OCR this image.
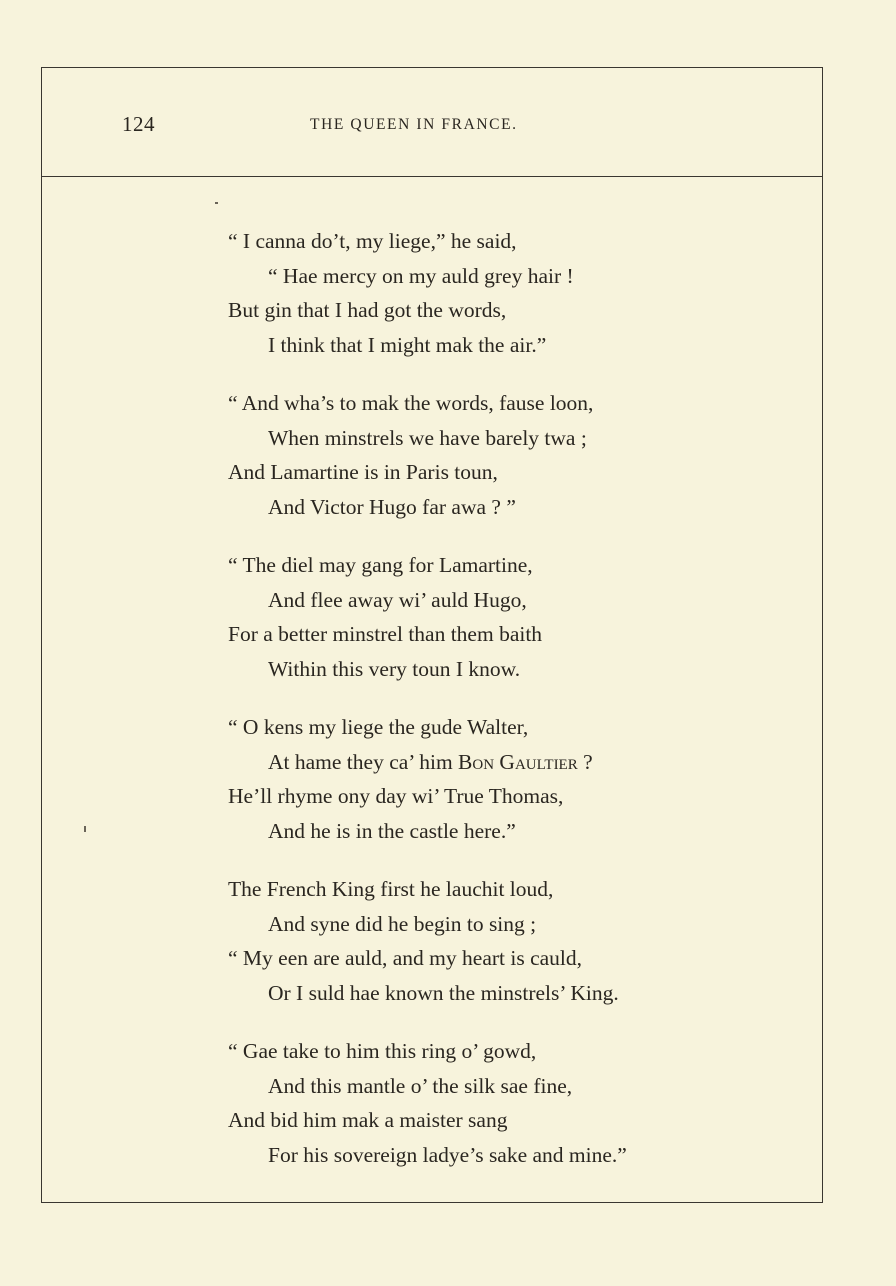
124	THE QUEEN IN FRANCE.
“ I canna do’t, my liege,” he said,
“ Hae mercy on my auld grey hair !
But gin that I had got the words,
I think that I might mak the air.”
“ And wha’s to mak the words, fause loon,
When minstrels we have barely twa ;
And Lamartine is in Paris toun,
And Victor Hugo far awa ? ”
“ The diel may gang for Lamartine,
And flee away wi’ auld Hugo,
For a better minstrel than them baith
Within this very toun I know.
“ O kens my liege the gude Walter,
At hame they ca’ him Bon Gaultier ?
He’ll rhyme ony day wi’ True Thomas,
And he is in the castle here.”
The French King first he lauchit loud,
And syne did he begin to sing ;
“ My een are auld, and my heart is cauld,
Or I suld hae known the minstrels’ King.
“ Gae take to him this ring o’ gowd,
And this mantle o’ the silk sae fine,
And bid him mak a maister sang
For his sovereign ladye’s sake and mine.”
